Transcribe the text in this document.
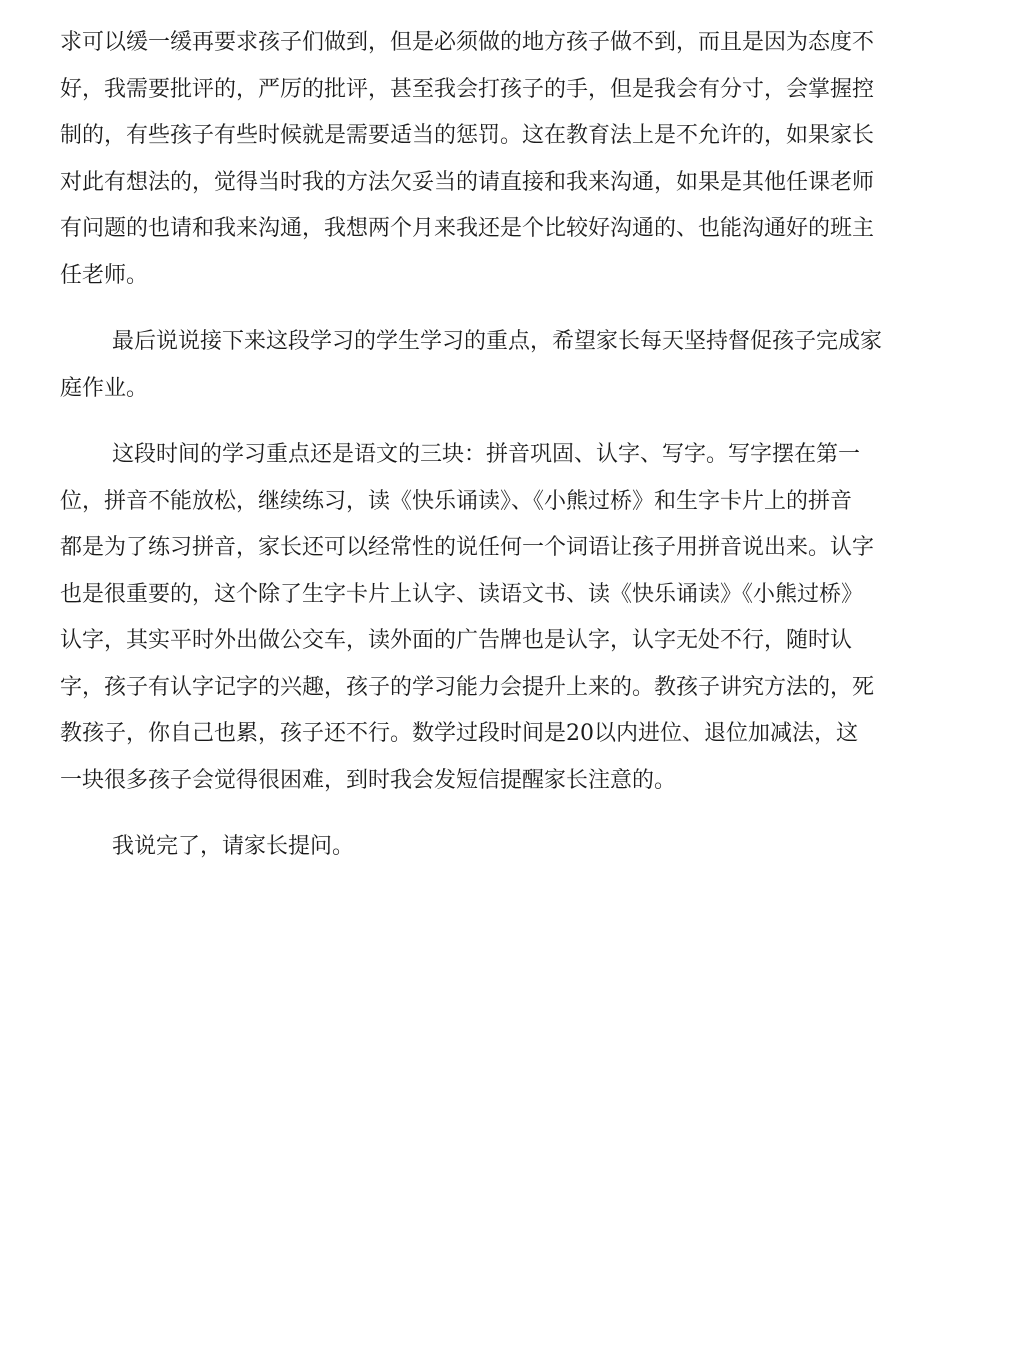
求可以缓一缓再要求孩子们做到，但是必须做的地方孩子做不到，而且是因为态度不
好，我需要批评的，严厉的批评，甚至我会打孩子的手，但是我会有分寸，会掌握控
制的，有些孩子有些时候就是需要适当的惩罚。这在教育法上是不允许的，如果家长
对此有想法的，觉得当时我的方法欠妥当的请直接和我来沟通，如果是其他任课老师
有问题的也请和我来沟通，我想两个月来我还是个比较好沟通的、也能沟通好的班主
任老师。
最后说说接下来这段学习的学生学习的重点，希望家长每天坚持督促孩子完成家
庭作业。
这段时间的学习重点还是语文的三块：拼音巩固、认字、写字。写字摆在第一
位，拼音不能放松，继续练习，读《快乐诵读》、《小熊过桥》和生字卡片上的拼音
都是为了练习拼音，家长还可以经常性的说任何一个词语让孩子用拼音说出来。认字
也是很重要的，这个除了生字卡片上认字、读语文书、读《快乐诵读》《小熊过桥》
认字，其实平时外出做公交车，读外面的广告牌也是认字，认字无处不行，随时认
字，孩子有认字记字的兴趣，孩子的学习能力会提升上来的。教孩子讲究方法的，死
教孩子，你自己也累，孩子还不行。数学过段时间是20以内进位、退位加减法，这
一块很多孩子会觉得很困难，到时我会发短信提醒家长注意的。
我说完了，请家长提问。
